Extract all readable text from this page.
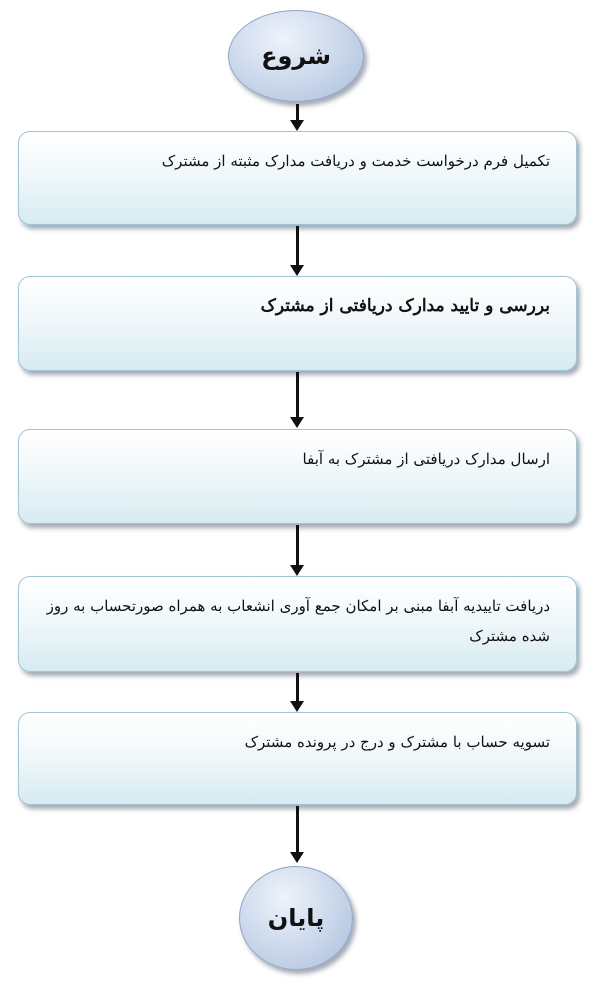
شروع
تکمیل فرم درخواست خدمت و دریافت مدارک مثبته از مشترک
بررسی و تایید مدارک دریافتی از مشترک
ارسال مدارک دریافتی از مشترک به آبفا
دریافت تاییدیه آبفا مبنی بر امکان جمع آوری انشعاب به همراه صورتحساب به روز شده مشترک
تسویه حساب با مشترک و درج در پرونده مشترک
پایان
